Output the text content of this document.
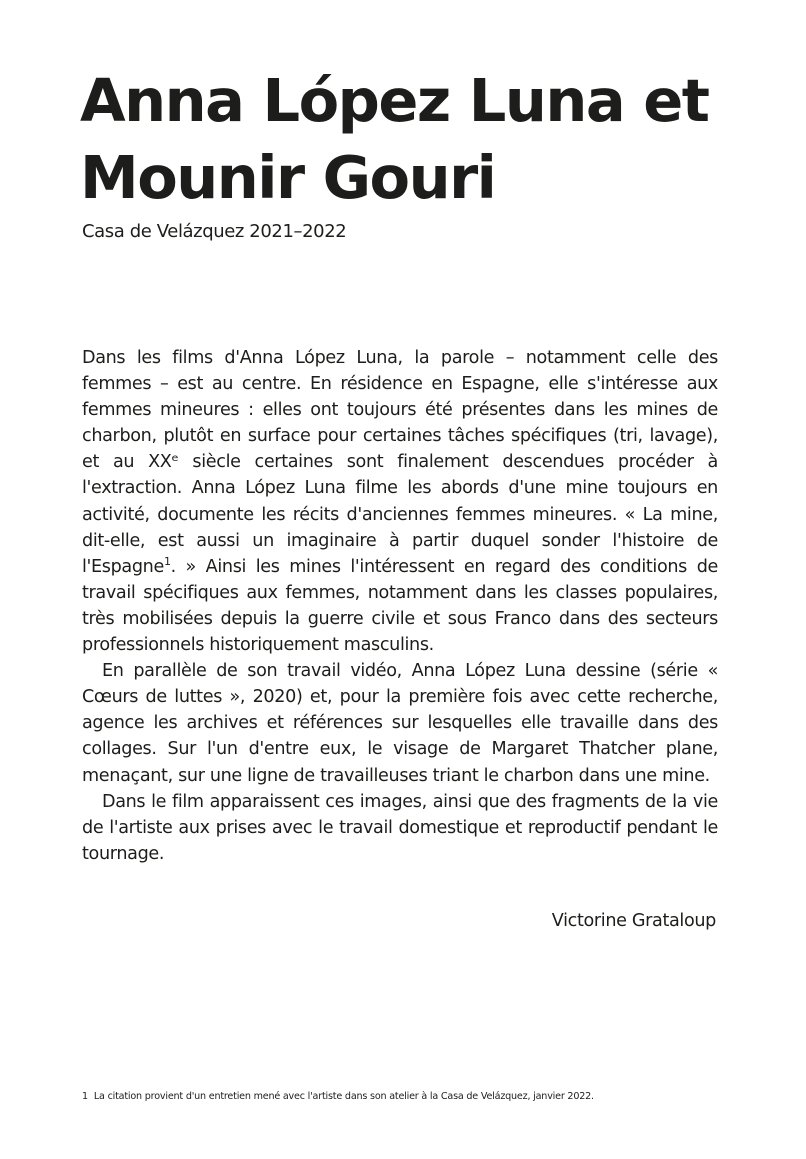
Anna López Luna et
Mounir Gouri
Casa de Velázquez 2021–2022

Dans les films d'Anna López Luna, la parole – notamment celle des femmes – est au centre. En résidence en Espagne, elle s'intéresse aux femmes mineures : elles ont toujours été présentes dans les mines de charbon, plutôt en surface pour certaines tâches spécifiques (tri, lavage), et au XXᵉ siècle certaines sont finalement descendues procéder à l'extraction. Anna López Luna filme les abords d'une mine toujours en activité, documente les récits d'anciennes femmes mineures. « La mine, dit-elle, est aussi un imaginaire à partir duquel sonder l'histoire de l'Espagne$^1$. » Ainsi les mines l'intéressent en regard des conditions de travail spécifiques aux femmes, notamment dans les classes populaires, très mobilisées depuis la guerre civile et sous Franco dans des secteurs professionnels historiquement masculins.

En parallèle de son travail vidéo, Anna López Luna dessine (série « Cœurs de luttes », 2020) et, pour la première fois avec cette recherche, agence les archives et références sur lesquelles elle travaille dans des collages. Sur l'un d'entre eux, le visage de Margaret Thatcher plane, menaçant, sur une ligne de travailleuses triant le charbon dans une mine.

Dans le film apparaissent ces images, ainsi que des fragments de la vie de l'artiste aux prises avec le travail domestique et reproductif pendant le tournage.

Victorine Grataloup
1 La citation provient d'un entretien mené avec l'artiste dans son atelier à la Casa de Velázquez, janvier 2022.
